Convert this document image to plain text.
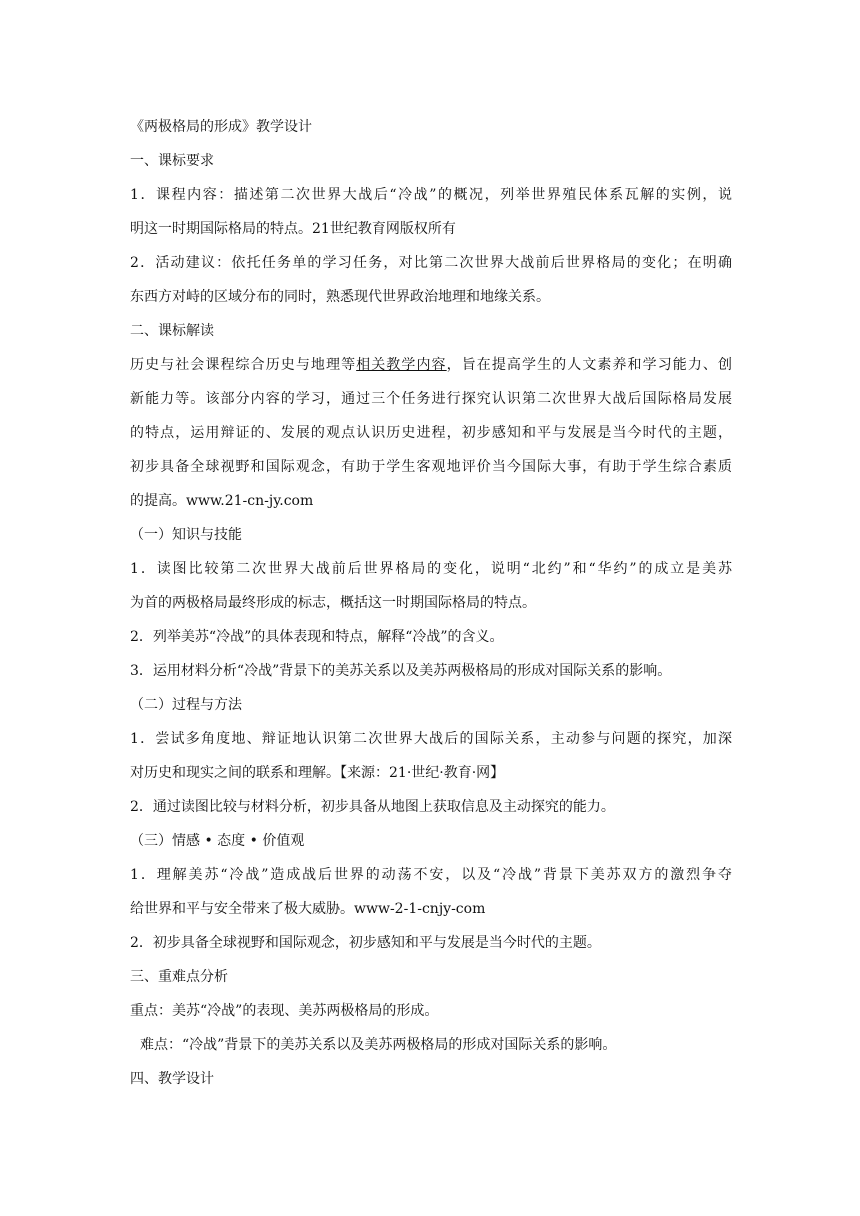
《两极格局的形成》教学设计
一、课标要求
1．课程内容：描述第二次世界大战后“冷战”的概况，列举世界殖民体系瓦解的实例，说
明这一时期国际格局的特点。21世纪教育网版权所有
2．活动建议：依托任务单的学习任务，对比第二次世界大战前后世界格局的变化；在明确
东西方对峙的区域分布的同时，熟悉现代世界政治地理和地缘关系。
二、课标解读
历史与社会课程综合历史与地理等相关教学内容，旨在提高学生的人文素养和学习能力、创
新能力等。该部分内容的学习，通过三个任务进行探究认识第二次世界大战后国际格局发展
的特点，运用辩证的、发展的观点认识历史进程，初步感知和平与发展是当今时代的主题，
初步具备全球视野和国际观念，有助于学生客观地评价当今国际大事，有助于学生综合素质
的提高。www.21-cn-jy.com
（一）知识与技能
1．读图比较第二次世界大战前后世界格局的变化，说明“北约”和“华约”的成立是美苏
为首的两极格局最终形成的标志，概括这一时期国际格局的特点。
2．列举美苏“冷战”的具体表现和特点，解释“冷战”的含义。
3．运用材料分析“冷战”背景下的美苏关系以及美苏两极格局的形成对国际关系的影响。
（二）过程与方法
1．尝试多角度地、辩证地认识第二次世界大战后的国际关系，主动参与问题的探究，加深
对历史和现实之间的联系和理解。【来源：21·世纪·教育·网】
2．通过读图比较与材料分析，初步具备从地图上获取信息及主动探究的能力。
（三）情感 • 态度 • 价值观
1．理解美苏“冷战”造成战后世界的动荡不安，以及“冷战”背景下美苏双方的激烈争夺
给世界和平与安全带来了极大威胁。www-2-1-cnjy-com
2．初步具备全球视野和国际观念，初步感知和平与发展是当今时代的主题。
三、重难点分析
重点：美苏“冷战”的表现、美苏两极格局的形成。
难点：“冷战”背景下的美苏关系以及美苏两极格局的形成对国际关系的影响。
四、教学设计
